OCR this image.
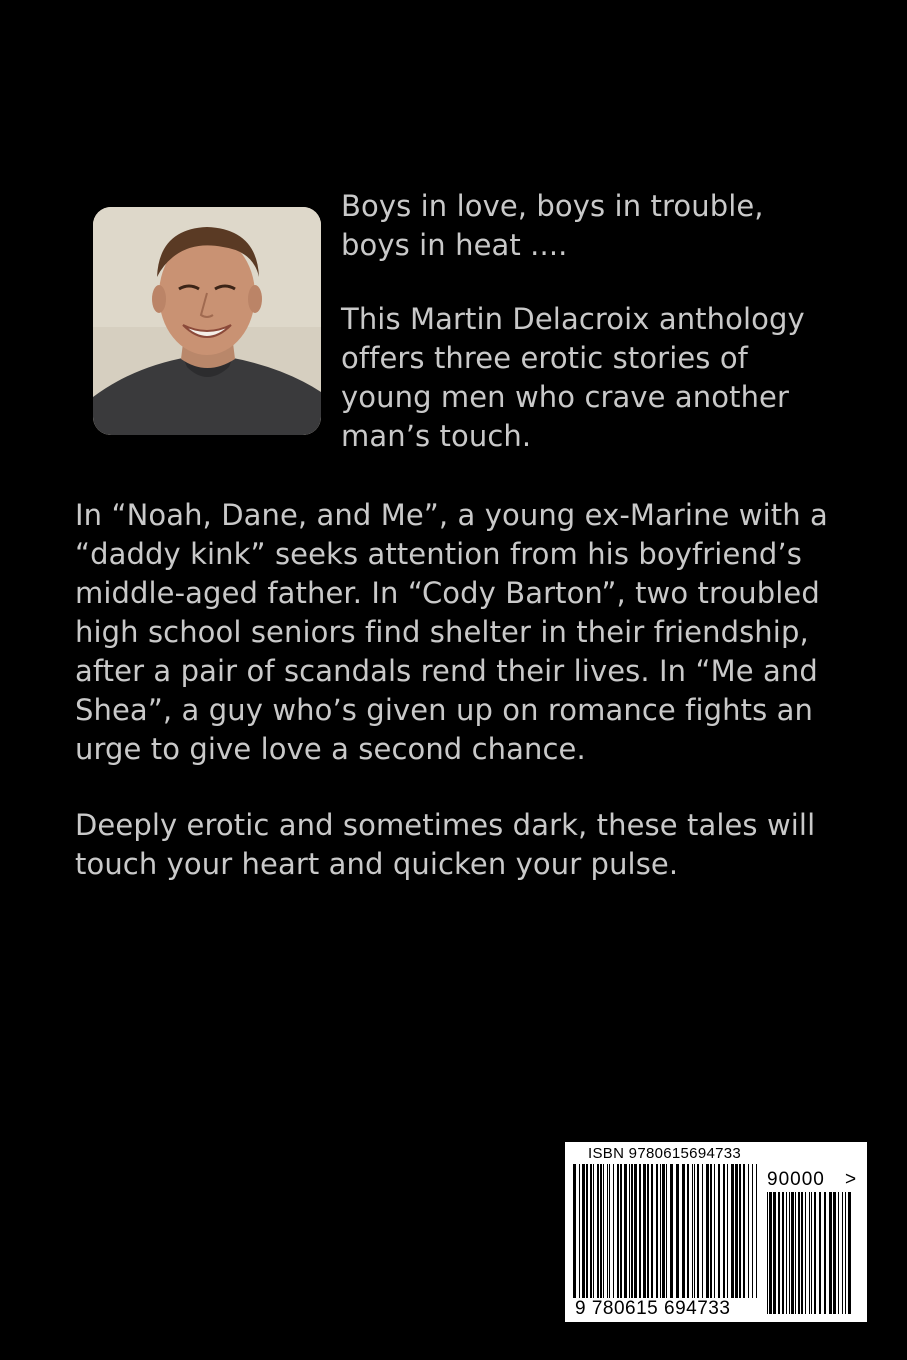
Boys in love, boys in trouble,
boys in heat ....

This Martin Delacroix anthology
offers three erotic stories of
young men who crave another
man’s touch.

In “Noah, Dane, and Me”, a young ex-Marine with a
“daddy kink” seeks attention from his boyfriend’s
middle-aged father. In “Cody Barton”, two troubled
high school seniors find shelter in their friendship,
after a pair of scandals rend their lives. In “Me and
Shea”, a guy who’s given up on romance fights an
urge to give love a second chance.

Deeply erotic and sometimes dark, these tales will
touch your heart and quicken your pulse.

ISBN 9780615694733
90000 >
9 780615 694733
